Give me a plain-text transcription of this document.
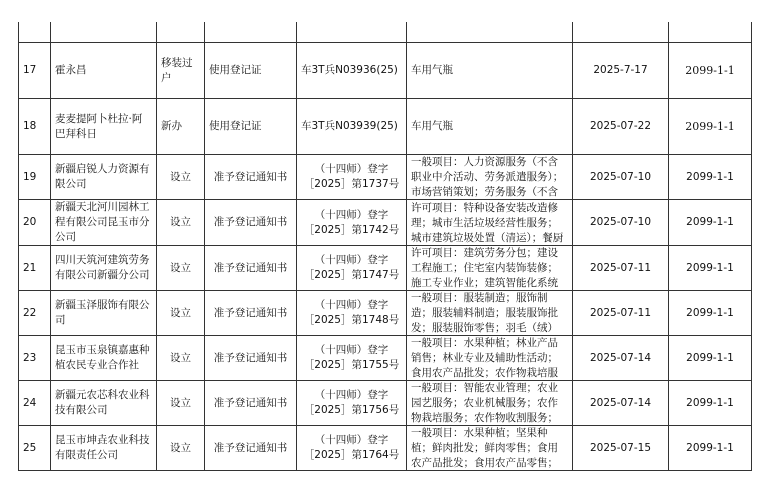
17	霍永昌	移装过户	使用登记证	车3T兵N03936(25)	车用气瓶	2025-7-17	2099-1-1
18	麦麦提阿卜杜拉·阿巴拜科日	新办	使用登记证	车3T兵N03939(25)	车用气瓶	2025-07-22	2099-1-1
19	新疆启锐人力资源有限公司	设立	准予登记通知书	（十四师）登字［2025］第1737号	一般项目：人力资源服务（不含职业中介活动、劳务派遣服务）；市场营销策划；劳务服务（不含	2025-07-10	2099-1-1
20	新疆天北河川园林工程有限公司昆玉市分公司	设立	准予登记通知书	（十四师）登字［2025］第1742号	许可项目：特种设备安装改造修理；城市生活垃圾经营性服务；城市建筑垃圾处置（清运）；餐厨	2025-07-10	2099-1-1
21	四川天筑河建筑劳务有限公司新疆分公司	设立	准予登记通知书	（十四师）登字［2025］第1747号	许可项目：建筑劳务分包；建设工程施工；住宅室内装饰装修；施工专业作业；建筑智能化系统	2025-07-11	2099-1-1
22	新疆玉泽服饰有限公司	设立	准予登记通知书	（十四师）登字［2025］第1748号	一般项目：服装制造；服饰制造；服装辅料制造；服装服饰批发；服装服饰零售；羽毛（绒）	2025-07-11	2099-1-1
23	昆玉市玉泉镇嘉惠种植农民专业合作社	设立	准予登记通知书	（十四师）登字［2025］第1755号	一般项目：水果种植；林业产品销售；林业专业及辅助性活动；食用农产品批发；农作物栽培服	2025-07-14	2099-1-1
24	新疆元农芯科农业科技有限公司	设立	准予登记通知书	（十四师）登字［2025］第1756号	一般项目：智能农业管理；农业园艺服务；农业机械服务；农作物栽培服务；农作物收割服务；	2025-07-14	2099-1-1
25	昆玉市坤垚农业科技有限责任公司	设立	准予登记通知书	（十四师）登字［2025］第1764号	一般项目：水果种植；坚果种植；鲜肉批发；鲜肉零售；食用农产品批发；食用农产品零售；	2025-07-15	2099-1-1
